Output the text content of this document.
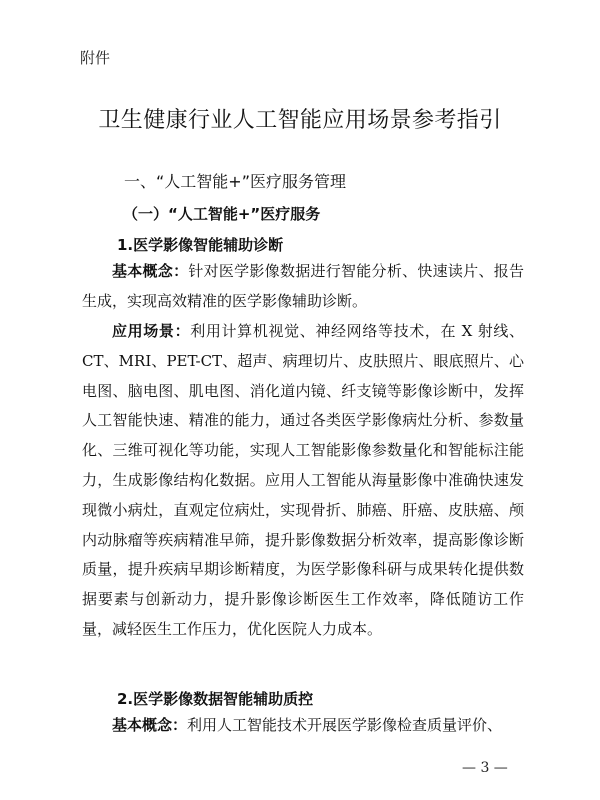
附件
卫生健康行业人工智能应用场景参考指引
一、“人工智能+”医疗服务管理
（一）“人工智能+”医疗服务
1.医学影像智能辅助诊断

基本概念：针对医学影像数据进行智能分析、快速读片、报告生成，实现高效精准的医学影像辅助诊断。

应用场景：利用计算机视觉、神经网络等技术，在 X 射线、CT、MRI、PET-CT、超声、病理切片、皮肤照片、眼底照片、心电图、脑电图、肌电图、消化道内镜、纤支镜等影像诊断中，发挥人工智能快速、精准的能力，通过各类医学影像病灶分析、参数量化、三维可视化等功能，实现人工智能影像参数量化和智能标注能力，生成影像结构化数据。应用人工智能从海量影像中准确快速发现微小病灶，直观定位病灶，实现骨折、肺癌、肝癌、皮肤癌、颅内动脉瘤等疾病精准早筛，提升影像数据分析效率，提高影像诊断质量，提升疾病早期诊断精度，为医学影像科研与成果转化提供数据要素与创新动力，提升影像诊断医生工作效率，降低随访工作量，减轻医生工作压力，优化医院人力成本。

2.医学影像数据智能辅助质控

基本概念：利用人工智能技术开展医学影像检查质量评价、

— 3 —
